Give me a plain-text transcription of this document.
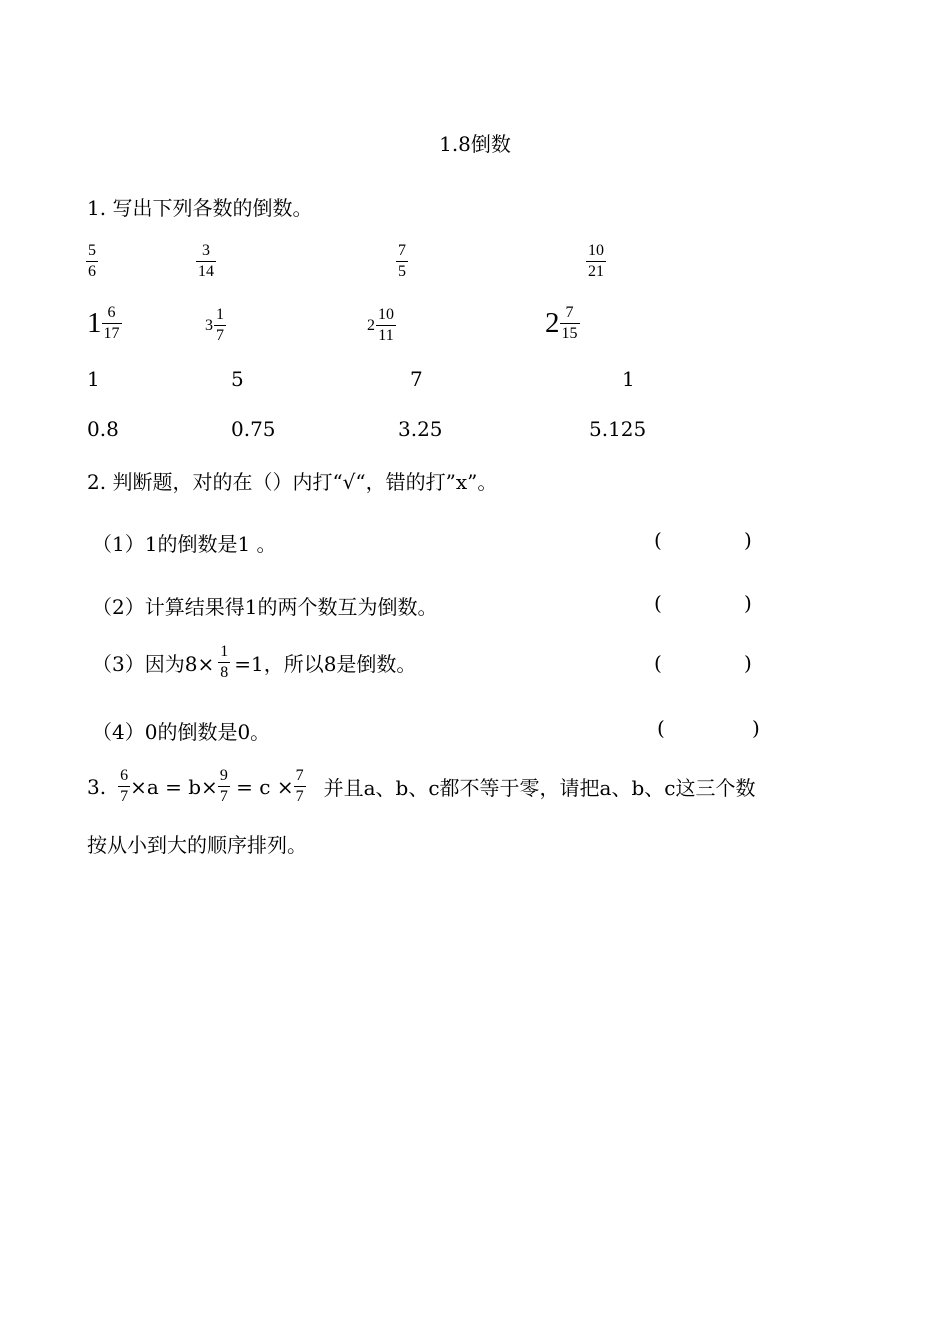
1.8倒数
1. 写出下列各数的倒数。
$\frac{5}{6}$	$\frac{3}{14}$	$\frac{7}{5}$	$\frac{10}{21}$
$1 \frac{6}{17}$	$3 \frac{1}{7}$	$2 \frac{10}{11}$	$2 \frac{7}{15}$
1	5	7	1
0.8	0.75	3.25	5.125
2. 判断题，对的在（）内打“√“，错的打”x”。
（1）1的倒数是1 。	(	)
（2）计算结果得1的两个数互为倒数。	(	)
（3）因为$8\times \frac{1}{8} =1$，所以8是倒数。	(	)
（4）0的倒数是0。	(	)
3. $\frac{6}{7} \times a = b\times \frac{9}{7} = c \times \frac{7}{7}$ 并且a、b、c都不等于零，请把a、b、c这三个数
按从小到大的顺序排列。
